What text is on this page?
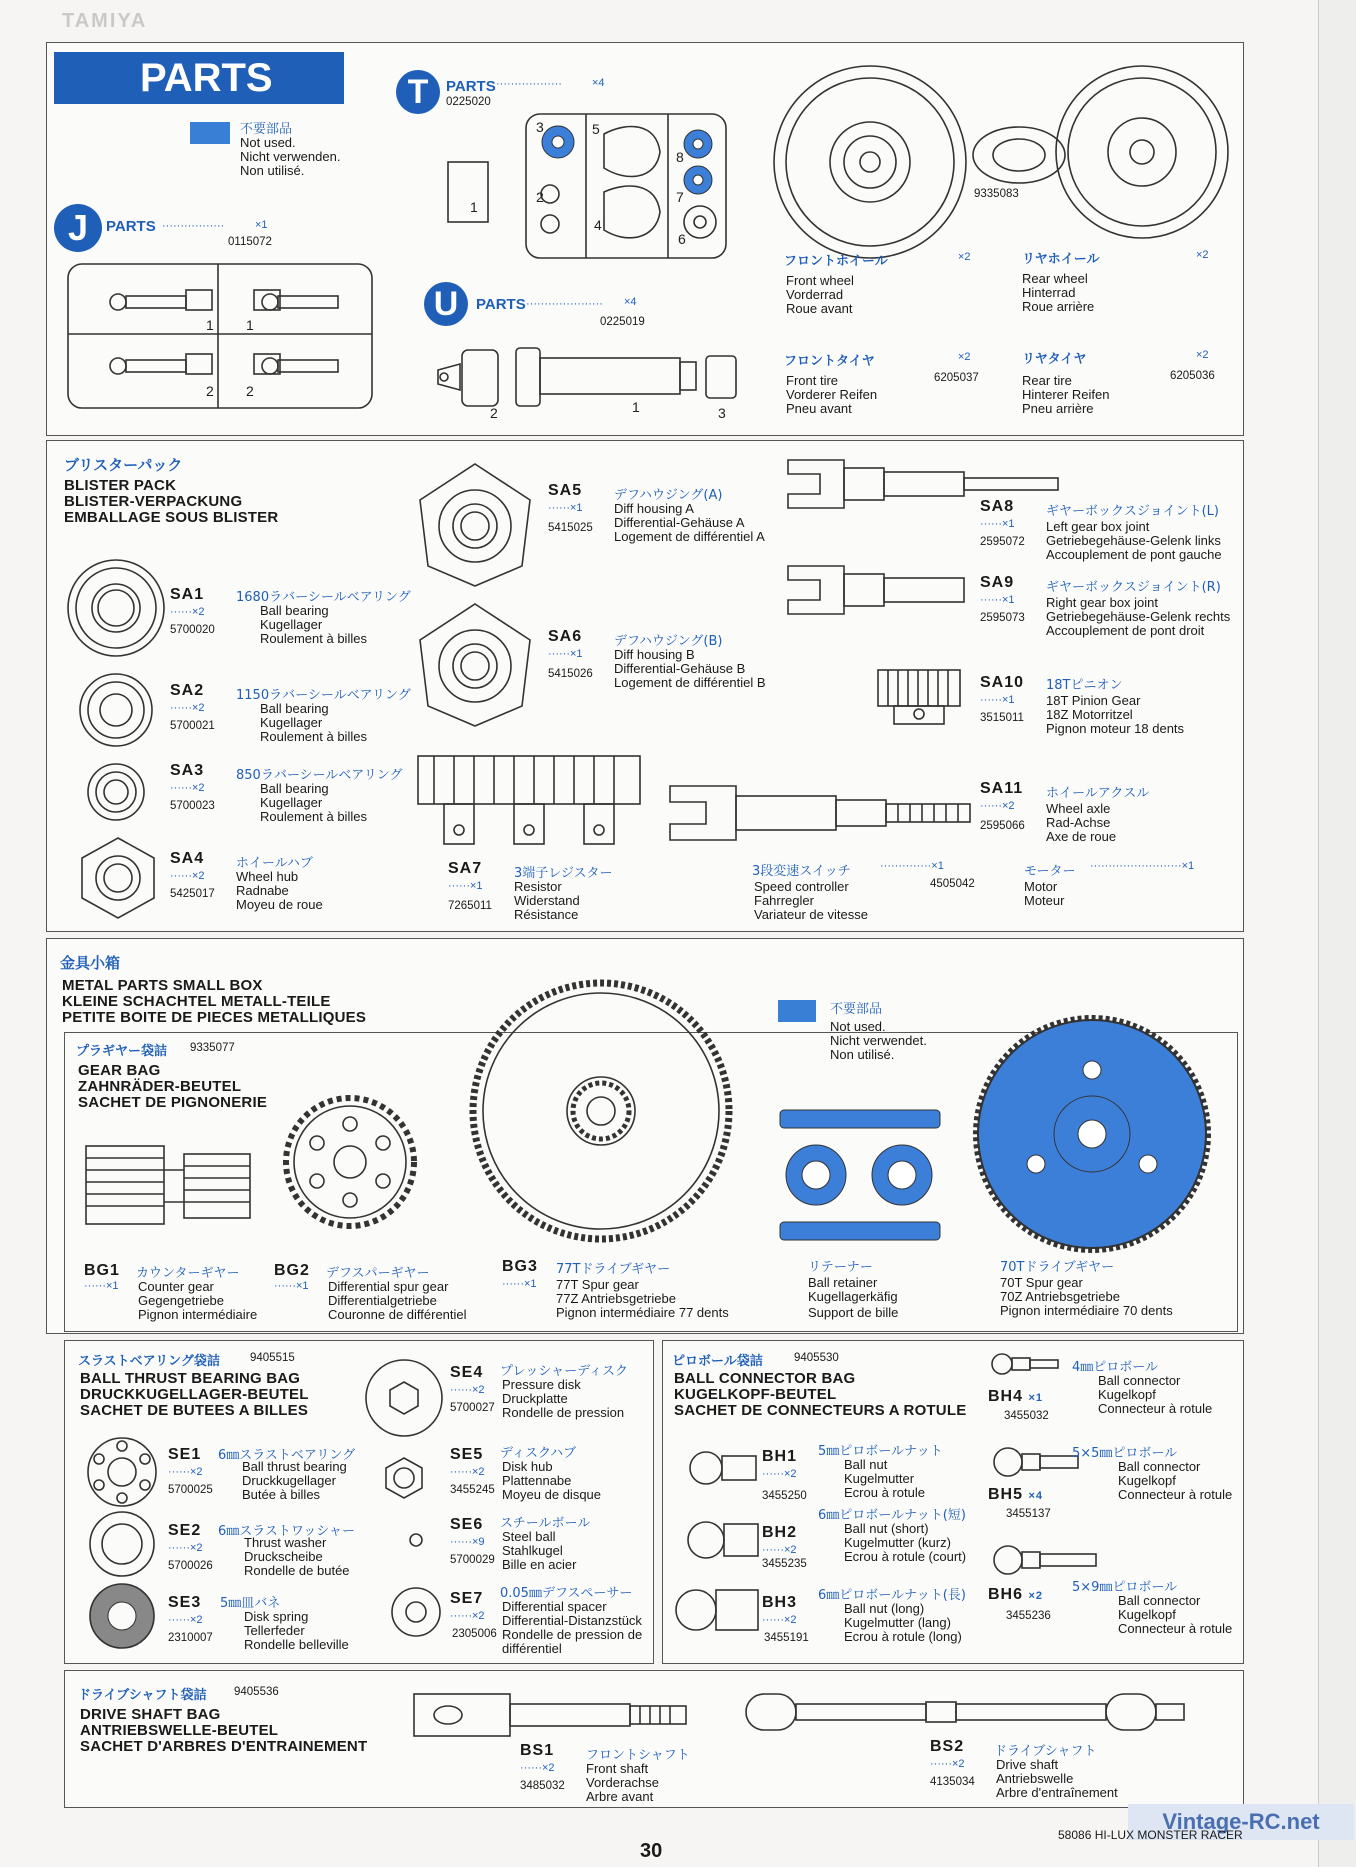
TAMIYA
PARTS
不要部品
Not used.
Nicht verwenden.
Non utilisé.
J	PARTS ·················	×1
0115072
1 1
2 2
T	PARTS ··················	×4
0225020
3	5
2
1
4
8
7
6
U	PARTS ····················· ×4
0225019
2	1	3
9335083
フロントホイール	×2
Front wheel
Vorderrad
Roue avant
リヤホイール	×2
Rear wheel
Hinterrad
Roue arrière
フロントタイヤ	×2
6205037
Front tire
Vorderer Reifen
Pneu avant
リヤタイヤ	×2
6205036
Rear tire
Hinterer Reifen
Pneu arrière
ブリスターパック
BLISTER PACK
BLISTER-VERPACKUNG
EMBALLAGE SOUS BLISTER
SA1
······×2
5700020
1680ラバーシールベアリング
Ball bearing
Kugellager
Roulement à billes
SA2
······×2
5700021
1150ラバーシールベアリング
Ball bearing
Kugellager
Roulement à billes
SA3
······×2
5700023
850ラバーシールベアリング
Ball bearing
Kugellager
Roulement à billes
SA4
······×2
5425017
ホイールハブ
Wheel hub
Radnabe
Moyeu de roue
SA5
······×1
5415025
デフハウジング(A)
Diff housing A
Differential-Gehäuse A
Logement de différentiel A
SA6
······×1
5415026
デフハウジング(B)
Diff housing B
Differential-Gehäuse B
Logement de différentiel B
SA7
······×1
7265011
3端子レジスター
Resistor
Widerstand
Résistance
SA8
······×1
2595072
ギヤーボックスジョイント(L)
Left gear box joint
Getriebegehäuse-Gelenk links
Accouplement de pont gauche
SA9
······×1
2595073
ギヤーボックスジョイント(R)
Right gear box joint
Getriebegehäuse-Gelenk rechts
Accouplement de pont droit
SA10
······×1
3515011
18Tピニオン
18T Pinion Gear
18Z Motorritzel
Pignon moteur 18 dents
SA11
······×2
2595066
ホイールアクスル
Wheel axle
Rad-Achse
Axe de roue
3段変速スイッチ	··············×1
4505042
Speed controller
Fahrregler
Variateur de vitesse
モーター ·························×1
Motor
Moteur
金具小箱
METAL PARTS SMALL BOX
KLEINE SCHACHTEL METALL-TEILE
PETITE BOITE DE PIECES METALLIQUES
プラギヤー袋詰 9335077
GEAR BAG
ZAHNRÄDER-BEUTEL
SACHET DE PIGNONERIE
不要部品
Not used.
Nicht verwendet.
Non utilisé.
BG1
······×1
カウンターギヤー
Counter gear
Gegengetriebe
Pignon intermédiaire
BG2
······×1
デフスパーギヤー
Differential spur gear
Differentialgetriebe
Couronne de différentiel
BG3
······×1
77Tドライブギヤー
77T Spur gear
77Z Antriebsgetriebe
Pignon intermédiaire 77 dents
リテーナー
Ball retainer
Kugellagerkäfig
Support de bille
70Tドライブギヤー
70T Spur gear
70Z Antriebsgetriebe
Pignon intermédiaire 70 dents
スラストベアリング袋詰	9405515
BALL THRUST BEARING BAG
DRUCKKUGELLAGER-BEUTEL
SACHET DE BUTEES A BILLES
SE1
······×2
5700025
6㎜スラストベアリング
Ball thrust bearing
Druckkugellager
Butée à billes
SE2
······×2
5700026
6㎜スラストワッシャー
Thrust washer
Druckscheibe
Rondelle de butée
SE3
······×2
2310007
5㎜皿バネ
Disk spring
Tellerfeder
Rondelle belleville
SE4
······×2
5700027
プレッシャーディスク
Pressure disk
Druckplatte
Rondelle de pression
SE5
······×2
3455245
ディスクハブ
Disk hub
Plattennabe
Moyeu de disque
SE6
······×9
5700029
スチールボール
Steel ball
Stahlkugel
Bille en acier
SE7
······×2
2305006
0.05㎜デフスペーサー
Differential spacer
Differential-Distanzstück
Rondelle de pression de
différentiel
ピロボール袋詰	9405530
BALL CONNECTOR BAG
KUGELKOPF-BEUTEL
SACHET DE CONNECTEURS A ROTULE
BH1
······×2
3455250
5㎜ピロボールナット
Ball nut
Kugelmutter
Ecrou à rotule
BH2
······×2
3455235
6㎜ピロボールナット(短)
Ball nut (short)
Kugelmutter (kurz)
Ecrou à rotule (court)
BH3
······×2
3455191
6㎜ピロボールナット(長)
Ball nut (long)
Kugelmutter (lang)
Ecrou à rotule (long)
BH4 ×1
3455032
4㎜ピロボール
Ball connector
Kugelkopf
Connecteur à rotule
BH5 ×4
3455137
5×5㎜ピロボール
Ball connector
Kugelkopf
Connecteur à rotule
BH6 ×2
3455236
5×9㎜ピロボール
Ball connector
Kugelkopf
Connecteur à rotule
ドライブシャフト袋詰 9405536
DRIVE SHAFT BAG
ANTRIEBSWELLE-BEUTEL
SACHET D'ARBRES D'ENTRAINEMENT	BS1
······×2
3485032
フロントシャフト
Front shaft
Vorderachse
Arbre avant
BS2
······×2
4135034
ドライブシャフト
Drive shaft
Antriebswelle
Arbre d'entraînement
Vintage-RC.net
58086 HI-LUX MONSTER RACER
30
